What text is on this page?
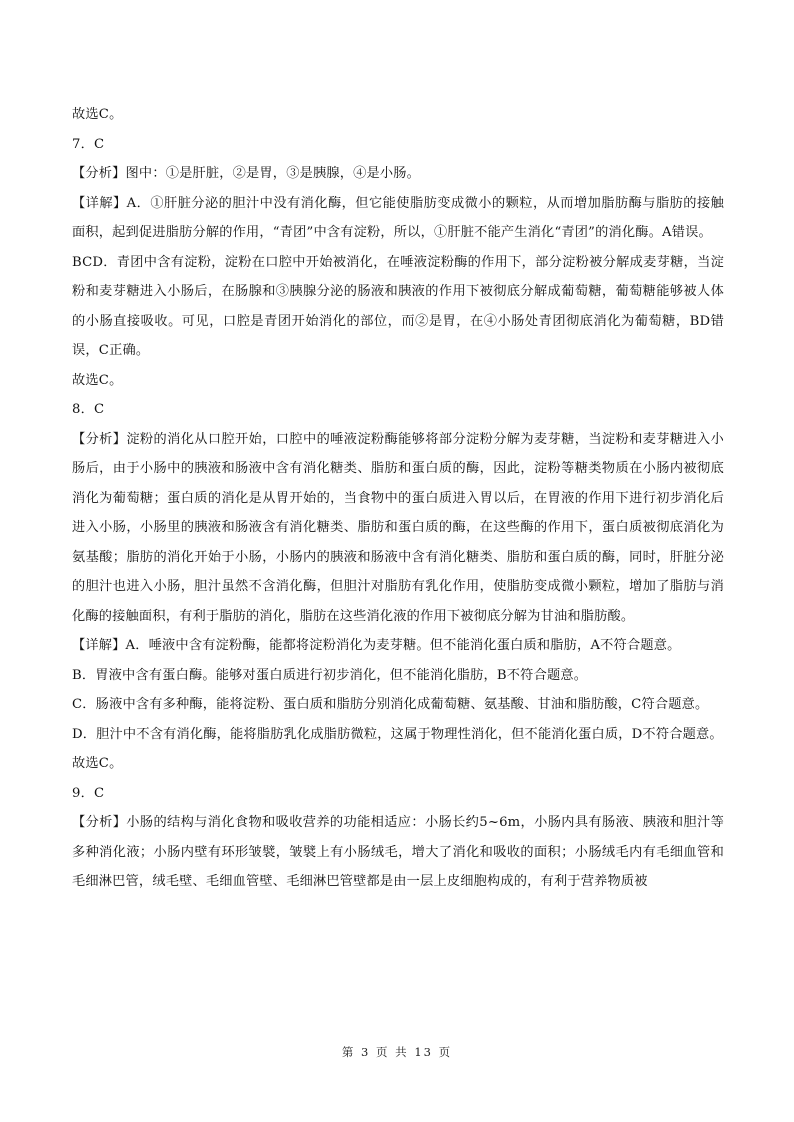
故选C。

7．C

【分析】图中：①是肝脏，②是胃，③是胰腺，④是小肠。

【详解】A．①肝脏分泌的胆汁中没有消化酶，但它能使脂肪变成微小的颗粒，从而增加脂肪酶与脂肪的接触面积，起到促进脂肪分解的作用，“青团”中含有淀粉，所以，①肝脏不能产生消化“青团”的消化酶。A错误。

BCD．青团中含有淀粉，淀粉在口腔中开始被消化，在唾液淀粉酶的作用下，部分淀粉被分解成麦芽糖，当淀粉和麦芽糖进入小肠后，在肠腺和③胰腺分泌的肠液和胰液的作用下被彻底分解成葡萄糖，葡萄糖能够被人体的小肠直接吸收。可见，口腔是青团开始消化的部位，而②是胃，在④小肠处青团彻底消化为葡萄糖，BD错误，C正确。

故选C。

8．C

【分析】淀粉的消化从口腔开始，口腔中的唾液淀粉酶能够将部分淀粉分解为麦芽糖，当淀粉和麦芽糖进入小肠后，由于小肠中的胰液和肠液中含有消化糖类、脂肪和蛋白质的酶，因此，淀粉等糖类物质在小肠内被彻底消化为葡萄糖；蛋白质的消化是从胃开始的，当食物中的蛋白质进入胃以后，在胃液的作用下进行初步消化后进入小肠，小肠里的胰液和肠液含有消化糖类、脂肪和蛋白质的酶，在这些酶的作用下，蛋白质被彻底消化为氨基酸；脂肪的消化开始于小肠，小肠内的胰液和肠液中含有消化糖类、脂肪和蛋白质的酶，同时，肝脏分泌的胆汁也进入小肠，胆汁虽然不含消化酶，但胆汁对脂肪有乳化作用，使脂肪变成微小颗粒，增加了脂肪与消化酶的接触面积，有利于脂肪的消化，脂肪在这些消化液的作用下被彻底分解为甘油和脂肪酸。

【详解】A．唾液中含有淀粉酶，能都将淀粉消化为麦芽糖。但不能消化蛋白质和脂肪，A不符合题意。

B．胃液中含有蛋白酶。能够对蛋白质进行初步消化，但不能消化脂肪，B不符合题意。

C．肠液中含有多种酶，能将淀粉、蛋白质和脂肪分别消化成葡萄糖、氨基酸、甘油和脂肪酸，C符合题意。

D．胆汁中不含有消化酶，能将脂肪乳化成脂肪微粒，这属于物理性消化，但不能消化蛋白质，D不符合题意。

故选C。

9．C

【分析】小肠的结构与消化食物和吸收营养的功能相适应：小肠长约5~6m，小肠内具有肠液、胰液和胆汁等多种消化液；小肠内壁有环形皱襞，皱襞上有小肠绒毛，增大了消化和吸收的面积；小肠绒毛内有毛细血管和毛细淋巴管，绒毛壁、毛细血管壁、毛细淋巴管壁都是由一层上皮细胞构成的，有利于营养物质被

第 3 页 共 13 页
